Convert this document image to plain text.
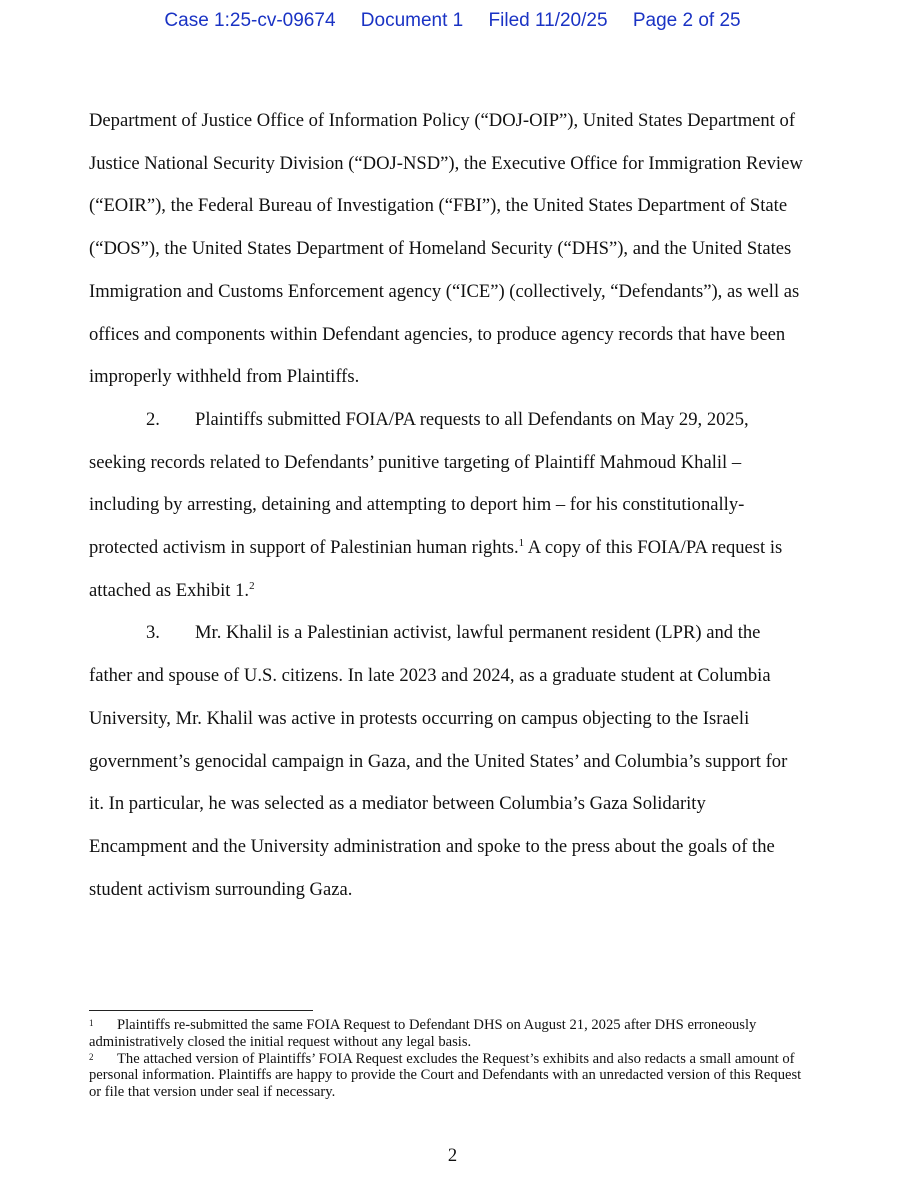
Case 1:25-cv-09674 Document 1 Filed 11/20/25 Page 2 of 25

Department of Justice Office of Information Policy (“DOJ-OIP”), United States Department of Justice National Security Division (“DOJ-NSD”), the Executive Office for Immigration Review (“EOIR”), the Federal Bureau of Investigation (“FBI”), the United States Department of State (“DOS”), the United States Department of Homeland Security (“DHS”), and the United States Immigration and Customs Enforcement agency (“ICE”) (collectively, “Defendants”), as well as offices and components within Defendant agencies, to produce agency records that have been improperly withheld from Plaintiffs.

2. Plaintiffs submitted FOIA/PA requests to all Defendants on May 29, 2025, seeking records related to Defendants’ punitive targeting of Plaintiff Mahmoud Khalil – including by arresting, detaining and attempting to deport him – for his constitutionally-protected activism in support of Palestinian human rights.$^1$ A copy of this FOIA/PA request is attached as Exhibit 1.$^2$

3. Mr. Khalil is a Palestinian activist, lawful permanent resident (LPR) and the father and spouse of U.S. citizens. In late 2023 and 2024, as a graduate student at Columbia University, Mr. Khalil was active in protests occurring on campus objecting to the Israeli government’s genocidal campaign in Gaza, and the United States’ and Columbia’s support for it. In particular, he was selected as a mediator between Columbia’s Gaza Solidarity Encampment and the University administration and spoke to the press about the goals of the student activism surrounding Gaza.

1 Plaintiffs re-submitted the same FOIA Request to Defendant DHS on August 21, 2025 after DHS erroneously administratively closed the initial request without any legal basis.

2 The attached version of Plaintiffs’ FOIA Request excludes the Request’s exhibits and also redacts a small amount of personal information. Plaintiffs are happy to provide the Court and Defendants with an unredacted version of this Request or file that version under seal if necessary.

2
